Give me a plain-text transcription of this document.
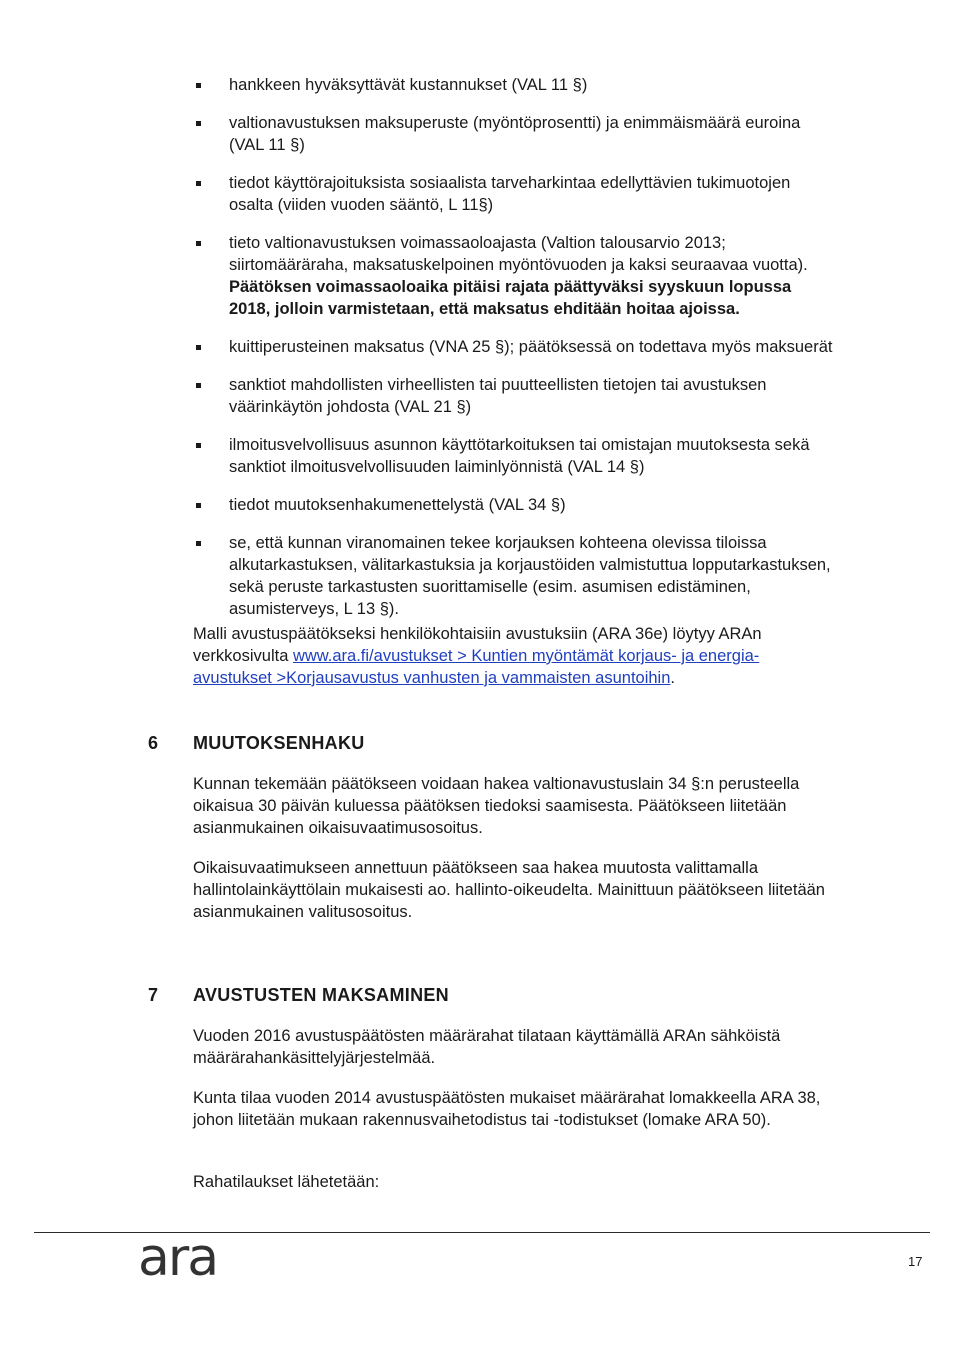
hankkeen hyväksyttävät kustannukset (VAL 11 §)
valtionavustuksen maksuperuste (myöntöprosentti) ja enimmäismäärä euroina (VAL 11 §)
tiedot käyttörajoituksista sosiaalista tarveharkintaa edellyttävien tukimuotojen osalta (viiden vuoden sääntö, L 11§)
tieto valtionavustuksen voimassaoloajasta (Valtion talousarvio 2013; siirtomääräraha, maksatuskelpoinen myöntövuoden ja kaksi seuraavaa vuotta). Päätöksen voimassaoloaika pitäisi rajata päättyväksi syyskuun lopussa 2018, jolloin varmistetaan, että maksatus ehditään hoitaa ajoissa.
kuittiperusteinen maksatus (VNA 25 §); päätöksessä on todettava myös maksuerät
sanktiot mahdollisten virheellisten tai puutteellisten tietojen tai avustuksen väärinkäytön johdosta (VAL 21 §)
ilmoitusvelvollisuus asunnon käyttötarkoituksen tai omistajan muutoksesta sekä sanktiot ilmoitusvelvollisuuden laiminlyönnistä (VAL 14 §)
tiedot muutoksenhakumenettelystä (VAL 34 §)
se, että kunnan viranomainen tekee korjauksen kohteena olevissa tiloissa alkutarkastuksen, välitarkastuksia ja korjaustöiden valmistuttua lopputarkastuksen, sekä peruste tarkastusten suorittamiselle (esim. asumisen edistäminen, asumisterveys, L 13 §).

Malli avustuspäätökseksi henkilökohtaisiin avustuksiin (ARA 36e) löytyy ARAn verkkosivulta www.ara.fi/avustukset > Kuntien myöntämät korjaus- ja energia-avustukset >Korjausavustus vanhusten ja vammaisten asuntoihin.

6 MUUTOKSENHAKU

Kunnan tekemään päätökseen voidaan hakea valtionavustuslain 34 §:n perusteella oikaisua 30 päivän kuluessa päätöksen tiedoksi saamisesta. Päätökseen liitetään asianmukainen oikaisuvaatimusosoitus.

Oikaisuvaatimukseen annettuun päätökseen saa hakea muutosta valittamalla hallintolainkäyttölain mukaisesti ao. hallinto-oikeudelta. Mainittuun päätökseen liitetään asianmukainen valitusosoitus.

7 AVUSTUSTEN MAKSAMINEN

Vuoden 2016 avustuspäätösten määrärahat tilataan käyttämällä ARAn sähköistä määrärahankäsittelyjärjestelmää.

Kunta tilaa vuoden 2014 avustuspäätösten mukaiset määrärahat lomakkeella ARA 38, johon liitetään mukaan rakennusvaihetodistus tai -todistukset (lomake ARA 50).

Rahatilaukset lähetetään:

ara	17
